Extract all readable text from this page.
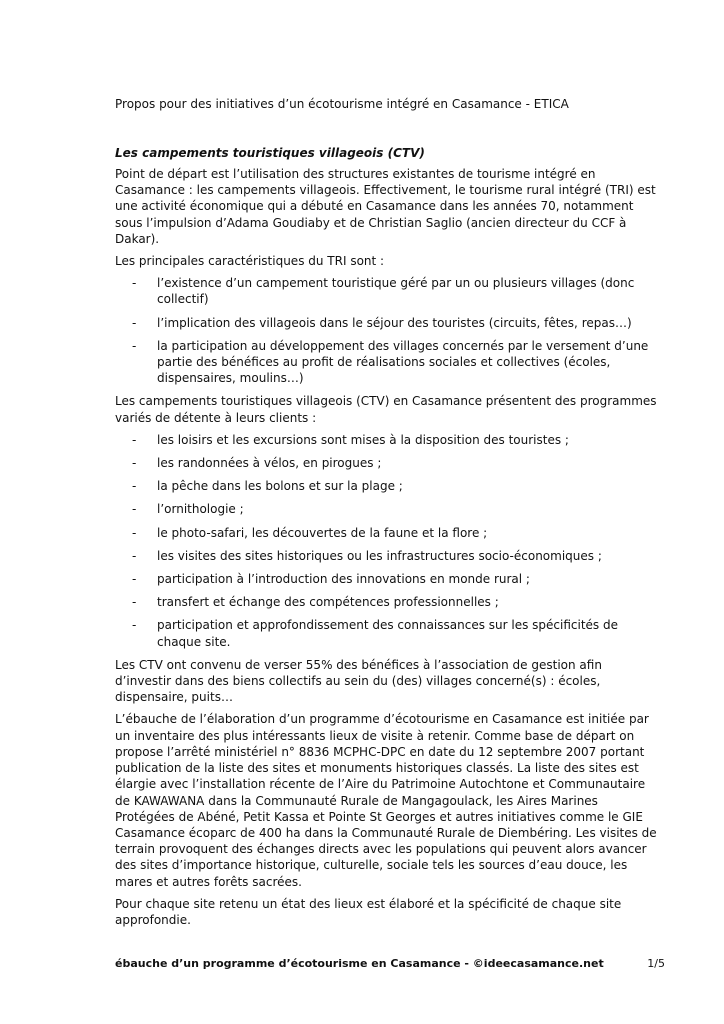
Propos pour des initiatives d’un écotourisme intégré en Casamance - ETICA
Les campements touristiques villageois (CTV)

Point de départ est l’utilisation des structures existantes de tourisme intégré en Casamance : les campements villageois. Effectivement, le tourisme rural intégré (TRI) est une activité économique qui a débuté en Casamance dans les années 70, notamment sous l’impulsion d’Adama Goudiaby et de Christian Saglio (ancien directeur du CCF à Dakar).

Les principales caractéristiques du TRI sont :

- l’existence d’un campement touristique géré par un ou plusieurs villages (donc collectif)
- l’implication des villageois dans le séjour des touristes (circuits, fêtes, repas…)
- la participation au développement des villages concernés par le versement d’une partie des bénéfices au profit de réalisations sociales et collectives (écoles, dispensaires, moulins…)

Les campements touristiques villageois (CTV) en Casamance présentent des programmes variés de détente à leurs clients :

- les loisirs et les excursions sont mises à la disposition des touristes ;
- les randonnées à vélos, en pirogues ;
- la pêche dans les bolons et sur la plage ;
- l’ornithologie ;
- le photo-safari, les découvertes de la faune et la flore ;
- les visites des sites historiques ou les infrastructures socio-économiques ;
- participation à l’introduction des innovations en monde rural ;
- transfert et échange des compétences professionnelles ;
- participation et approfondissement des connaissances sur les spécificités de chaque site.

Les CTV ont convenu de verser 55% des bénéfices à l’association de gestion afin d’investir dans des biens collectifs au sein du (des) villages concerné(s) : écoles, dispensaire, puits…

L’ébauche de l’élaboration d’un programme d’écotourisme en Casamance est initiée par un inventaire des plus intéressants lieux de visite à retenir. Comme base de départ on propose l’arrêté ministériel n° 8836 MCPHC-DPC en date du 12 septembre 2007 portant publication de la liste des sites et monuments historiques classés. La liste des sites est élargie avec l’installation récente de l’Aire du Patrimoine Autochtone et Communautaire de KAWAWANA dans la Communauté Rurale de Mangagoulack, les Aires Marines Protégées de Abéné, Petit Kassa et Pointe St Georges et autres initiatives comme le GIE Casamance écoparc de 400 ha dans la Communauté Rurale de Diembéring. Les visites de terrain provoquent des échanges directs avec les populations qui peuvent alors avancer des sites d’importance historique, culturelle, sociale tels les sources d’eau douce, les mares et autres forêts sacrées.

Pour chaque site retenu un état des lieux est élaboré et la spécificité de chaque site approfondie.

ébauche d’un programme d’écotourisme en Casamance - ©ideecasamance.net	1/5
